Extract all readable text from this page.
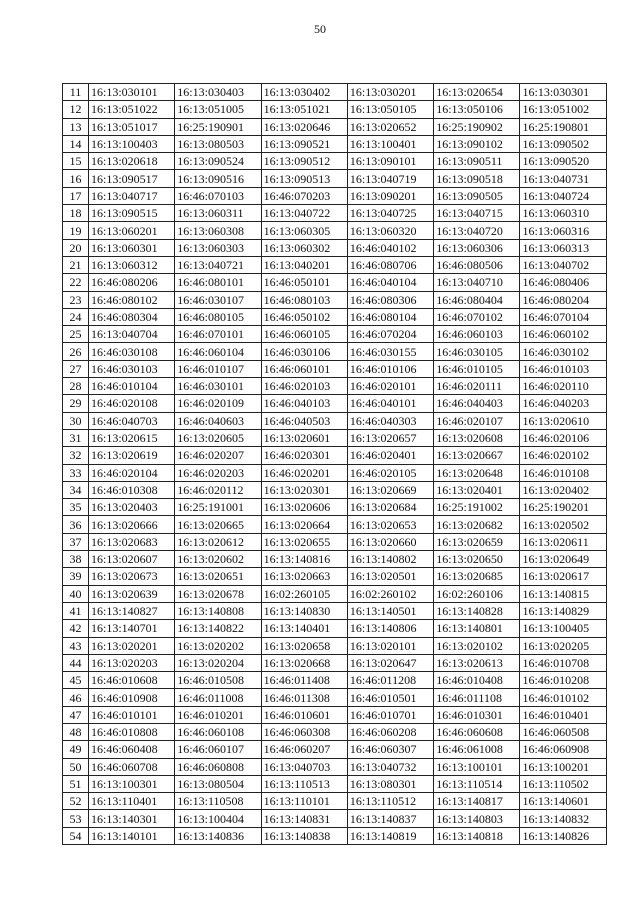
50
11	16:13:030101	16:13:030403	16:13:030402	16:13:030201	16:13:020654	16:13:030301
12	16:13:051022	16:13:051005	16:13:051021	16:13:050105	16:13:050106	16:13:051002
13	16:13:051017	16:25:190901	16:13:020646	16:13:020652	16:25:190902	16:25:190801
14	16:13:100403	16:13:080503	16:13:090521	16:13:100401	16:13:090102	16:13:090502
15	16:13:020618	16:13:090524	16:13:090512	16:13:090101	16:13:090511	16:13:090520
16	16:13:090517	16:13:090516	16:13:090513	16:13:040719	16:13:090518	16:13:040731
17	16:13:040717	16:46:070103	16:46:070203	16:13:090201	16:13:090505	16:13:040724
18	16:13:090515	16:13:060311	16:13:040722	16:13:040725	16:13:040715	16:13:060310
19	16:13:060201	16:13:060308	16:13:060305	16:13:060320	16:13:040720	16:13:060316
20	16:13:060301	16:13:060303	16:13:060302	16:46:040102	16:13:060306	16:13:060313
21	16:13:060312	16:13:040721	16:13:040201	16:46:080706	16:46:080506	16:13:040702
22	16:46:080206	16:46:080101	16:46:050101	16:46:040104	16:13:040710	16:46:080406
23	16:46:080102	16:46:030107	16:46:080103	16:46:080306	16:46:080404	16:46:080204
24	16:46:080304	16:46:080105	16:46:050102	16:46:080104	16:46:070102	16:46:070104
25	16:13:040704	16:46:070101	16:46:060105	16:46:070204	16:46:060103	16:46:060102
26	16:46:030108	16:46:060104	16:46:030106	16:46:030155	16:46:030105	16:46:030102
27	16:46:030103	16:46:010107	16:46:060101	16:46:010106	16:46:010105	16:46:010103
28	16:46:010104	16:46:030101	16:46:020103	16:46:020101	16:46:020111	16:46:020110
29	16:46:020108	16:46:020109	16:46:040103	16:46:040101	16:46:040403	16:46:040203
30	16:46:040703	16:46:040603	16:46:040503	16:46:040303	16:46:020107	16:13:020610
31	16:13:020615	16:13:020605	16:13:020601	16:13:020657	16:13:020608	16:46:020106
32	16:13:020619	16:46:020207	16:46:020301	16:46:020401	16:13:020667	16:46:020102
33	16:46:020104	16:46:020203	16:46:020201	16:46:020105	16:13:020648	16:46:010108
34	16:46:010308	16:46:020112	16:13:020301	16:13:020669	16:13:020401	16:13:020402
35	16:13:020403	16:25:191001	16:13:020606	16:13:020684	16:25:191002	16:25:190201
36	16:13:020666	16:13:020665	16:13:020664	16:13:020653	16:13:020682	16:13:020502
37	16:13:020683	16:13:020612	16:13:020655	16:13:020660	16:13:020659	16:13:020611
38	16:13:020607	16:13:020602	16:13:140816	16:13:140802	16:13:020650	16:13:020649
39	16:13:020673	16:13:020651	16:13:020663	16:13:020501	16:13:020685	16:13:020617
40	16:13:020639	16:13:020678	16:02:260105	16:02:260102	16:02:260106	16:13:140815
41	16:13:140827	16:13:140808	16:13:140830	16:13:140501	16:13:140828	16:13:140829
42	16:13:140701	16:13:140822	16:13:140401	16:13:140806	16:13:140801	16:13:100405
43	16:13:020201	16:13:020202	16:13:020658	16:13:020101	16:13:020102	16:13:020205
44	16:13:020203	16:13:020204	16:13:020668	16:13:020647	16:13:020613	16:46:010708
45	16:46:010608	16:46:010508	16:46:011408	16:46:011208	16:46:010408	16:46:010208
46	16:46:010908	16:46:011008	16:46:011308	16:46:010501	16:46:011108	16:46:010102
47	16:46:010101	16:46:010201	16:46:010601	16:46:010701	16:46:010301	16:46:010401
48	16:46:010808	16:46:060108	16:46:060308	16:46:060208	16:46:060608	16:46:060508
49	16:46:060408	16:46:060107	16:46:060207	16:46:060307	16:46:061008	16:46:060908
50	16:46:060708	16:46:060808	16:13:040703	16:13:040732	16:13:100101	16:13:100201
51	16:13:100301	16:13:080504	16:13:110513	16:13:080301	16:13:110514	16:13:110502
52	16:13:110401	16:13:110508	16:13:110101	16:13:110512	16:13:140817	16:13:140601
53	16:13:140301	16:13:100404	16:13:140831	16:13:140837	16:13:140803	16:13:140832
54	16:13:140101	16:13:140836	16:13:140838	16:13:140819	16:13:140818	16:13:140826
